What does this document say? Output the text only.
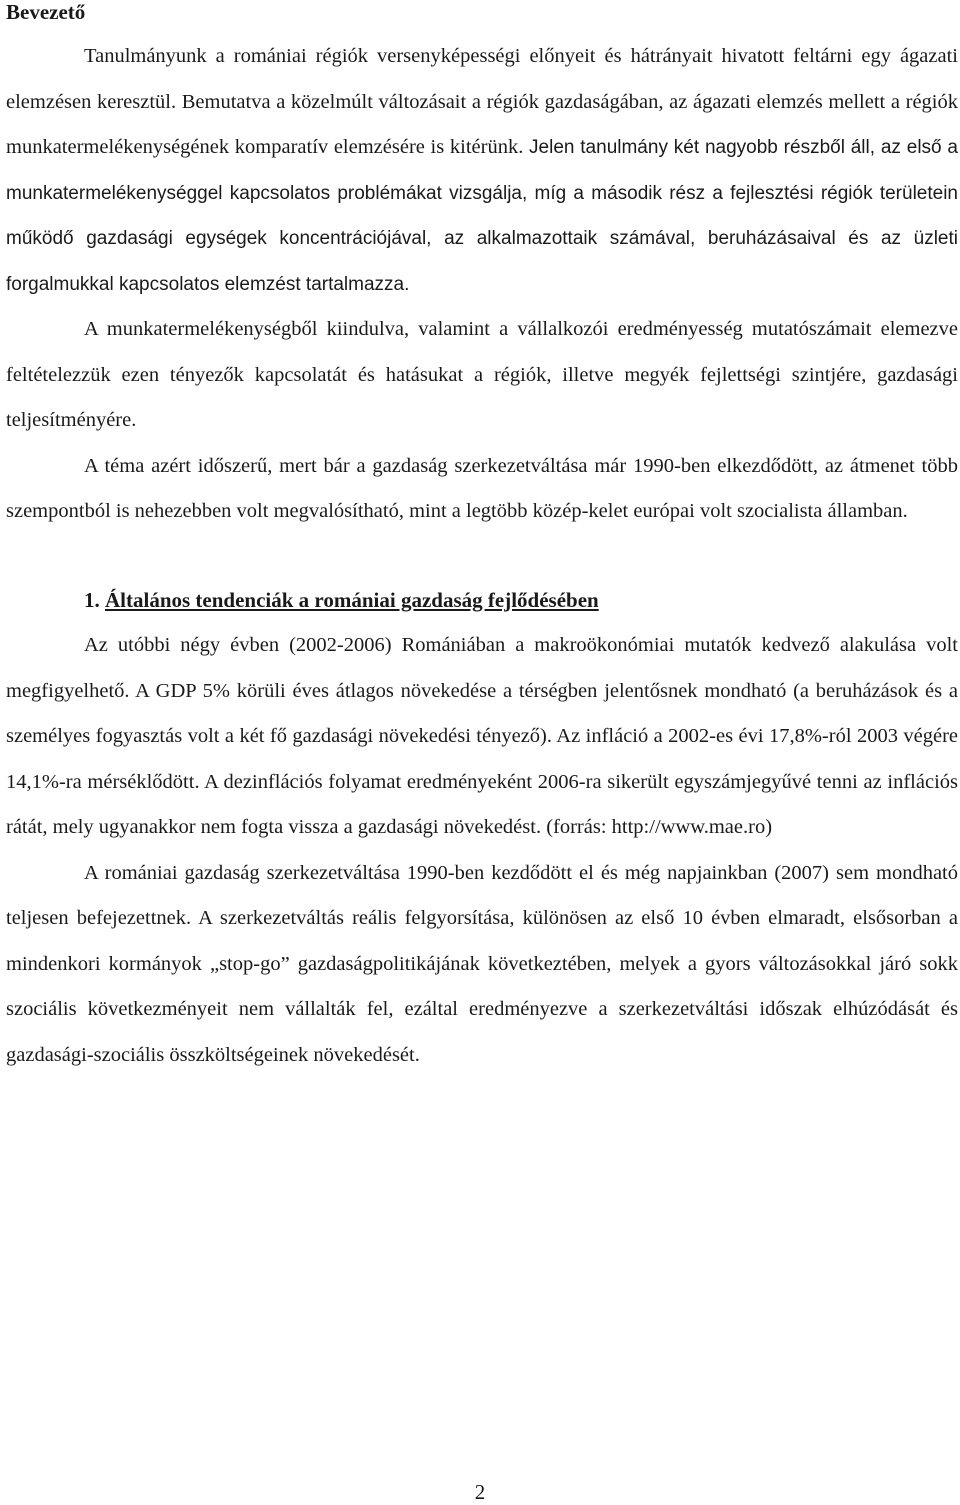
Bevezető

Tanulmányunk a romániai régiók versenyképességi előnyeit és hátrányait hivatott feltárni egy ágazati elemzésen keresztül. Bemutatva a közelmúlt változásait a régiók gazdaságában, az ágazati elemzés mellett a régiók munkatermelékenységének komparatív elemzésére is kitérünk. Jelen tanulmány két nagyobb részből áll, az első a munkatermelékenységgel kapcsolatos problémákat vizsgálja, míg a második rész a fejlesztési régiók területein működő gazdasági egységek koncentrációjával, az alkalmazottaik számával, beruházásaival és az üzleti forgalmukkal kapcsolatos elemzést tartalmazza.

A munkatermelékenységből kiindulva, valamint a vállalkozói eredményesség mutatószámait elemezve feltételezzük ezen tényezők kapcsolatát és hatásukat a régiók, illetve megyék fejlettségi szintjére, gazdasági teljesítményére.

A téma azért időszerű, mert bár a gazdaság szerkezetváltása már 1990-ben elkezdődött, az átmenet több szempontból is nehezebben volt megvalósítható, mint a legtöbb közép-kelet európai volt szocialista államban.

1. Általános tendenciák a romániai gazdaság fejlődésében

Az utóbbi négy évben (2002-2006) Romániában a makroökonómiai mutatók kedvező alakulása volt megfigyelhető. A GDP 5% körüli éves átlagos növekedése a térségben jelentősnek mondható (a beruházások és a személyes fogyasztás volt a két fő gazdasági növekedési tényező). Az infláció a 2002-es évi 17,8%-ról 2003 végére 14,1%-ra mérséklődött. A dezinflációs folyamat eredményeként 2006-ra sikerült egyszámjegyűvé tenni az inflációs rátát, mely ugyanakkor nem fogta vissza a gazdasági növekedést. (forrás: http://www.mae.ro)

A romániai gazdaság szerkezetváltása 1990-ben kezdődött el és még napjainkban (2007) sem mondható teljesen befejezettnek. A szerkezetváltás reális felgyorsítása, különösen az első 10 évben elmaradt, elsősorban a mindenkori kormányok „stop-go” gazdaságpolitikájának következtében, melyek a gyors változásokkal járó sokk szociális következményeit nem vállalták fel, ezáltal eredményezve a szerkezetváltási időszak elhúzódását és gazdasági-szociális összköltségeinek növekedését.

2
